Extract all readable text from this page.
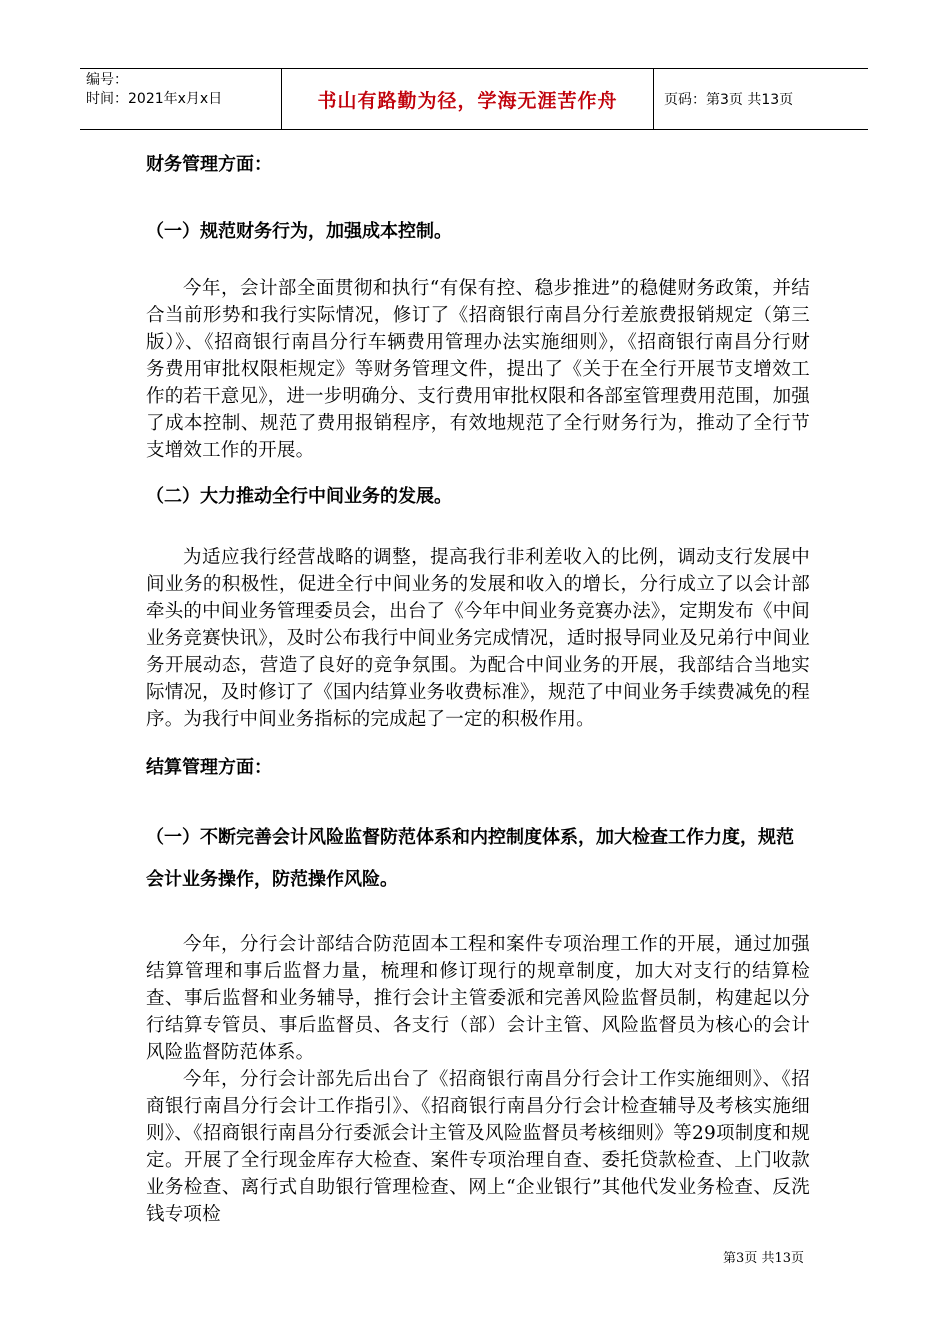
编号：
时间：2021年x月x日	书山有路勤为径，学海无涯苦作舟	页码：第3页 共13页

财务管理方面：

（一）规范财务行为，加强成本控制。

今年，会计部全面贯彻和执行“有保有控、稳步推进”的稳健财务政策，并结合当前形势和我行实际情况，修订了《招商银行南昌分行差旅费报销规定（第三版）》、《招商银行南昌分行车辆费用管理办法实施细则》，《招商银行南昌分行财务费用审批权限柜规定》等财务管理文件，提出了《关于在全行开展节支增效工作的若干意见》，进一步明确分、支行费用审批权限和各部室管理费用范围，加强了成本控制、规范了费用报销程序，有效地规范了全行财务行为，推动了全行节支增效工作的开展。

（二）大力推动全行中间业务的发展。

为适应我行经营战略的调整，提高我行非利差收入的比例，调动支行发展中间业务的积极性，促进全行中间业务的发展和收入的增长，分行成立了以会计部牵头的中间业务管理委员会，出台了《今年中间业务竞赛办法》，定期发布《中间业务竞赛快讯》，及时公布我行中间业务完成情况，适时报导同业及兄弟行中间业务开展动态，营造了良好的竞争氛围。为配合中间业务的开展，我部结合当地实际情况，及时修订了《国内结算业务收费标准》，规范了中间业务手续费减免的程序。为我行中间业务指标的完成起了一定的积极作用。

结算管理方面：

（一）不断完善会计风险监督防范体系和内控制度体系，加大检查工作力度，规范会计业务操作，防范操作风险。

今年，分行会计部结合防范固本工程和案件专项治理工作的开展，通过加强结算管理和事后监督力量，梳理和修订现行的规章制度，加大对支行的结算检查、事后监督和业务辅导，推行会计主管委派和完善风险监督员制，构建起以分行结算专管员、事后监督员、各支行（部）会计主管、风险监督员为核心的会计风险监督防范体系。

今年，分行会计部先后出台了《招商银行南昌分行会计工作实施细则》、《招商银行南昌分行会计工作指引》、《招商银行南昌分行会计检查辅导及考核实施细则》、《招商银行南昌分行委派会计主管及风险监督员考核细则》等29项制度和规定。开展了全行现金库存大检查、案件专项治理自查、委托贷款检查、上门收款业务检查、离行式自助银行管理检查、网上“企业银行”其他代发业务检查、反洗钱专项检

第3页 共13页
